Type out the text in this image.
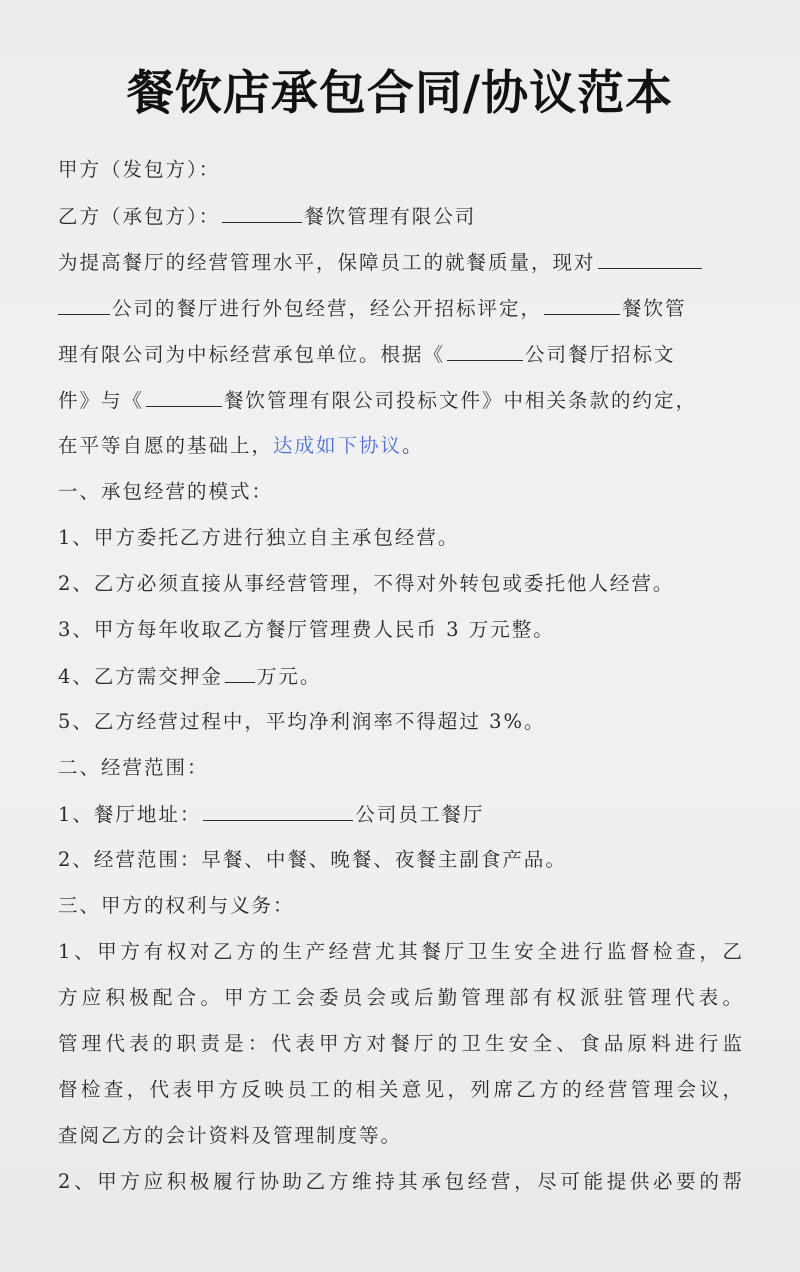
餐饮店承包合同/协议范本
甲方（发包方）：
乙方（承包方）：	餐饮管理有限公司
为提高餐厅的经营管理水平，保障员工的就餐质量，现对
公司的餐厅进行外包经营，经公开招标评定，	餐饮管
理有限公司为中标经营承包单位。根据《	公司餐厅招标文
件》与《	餐饮管理有限公司投标文件》中相关条款的约定，
在平等自愿的基础上，达成如下协议。
一、承包经营的模式：
1、甲方委托乙方进行独立自主承包经营。
2、乙方必须直接从事经营管理，不得对外转包或委托他人经营。
3、甲方每年收取乙方餐厅管理费人民币 3 万元整。
4、乙方需交押金 万元。
5、乙方经营过程中，平均净利润率不得超过 3%。
二、经营范围：
1、餐厅地址：	公司员工餐厅
2、经营范围：早餐、中餐、晚餐、夜餐主副食产品。
三、甲方的权利与义务：
1、甲方有权对乙方的生产经营尤其餐厅卫生安全进行监督检查，乙
方应积极配合。甲方工会委员会或后勤管理部有权派驻管理代表。
管理代表的职责是：代表甲方对餐厅的卫生安全、食品原料进行监
督检查，代表甲方反映员工的相关意见，列席乙方的经营管理会议，
查阅乙方的会计资料及管理制度等。
2、甲方应积极履行协助乙方维持其承包经营，尽可能提供必要的帮
